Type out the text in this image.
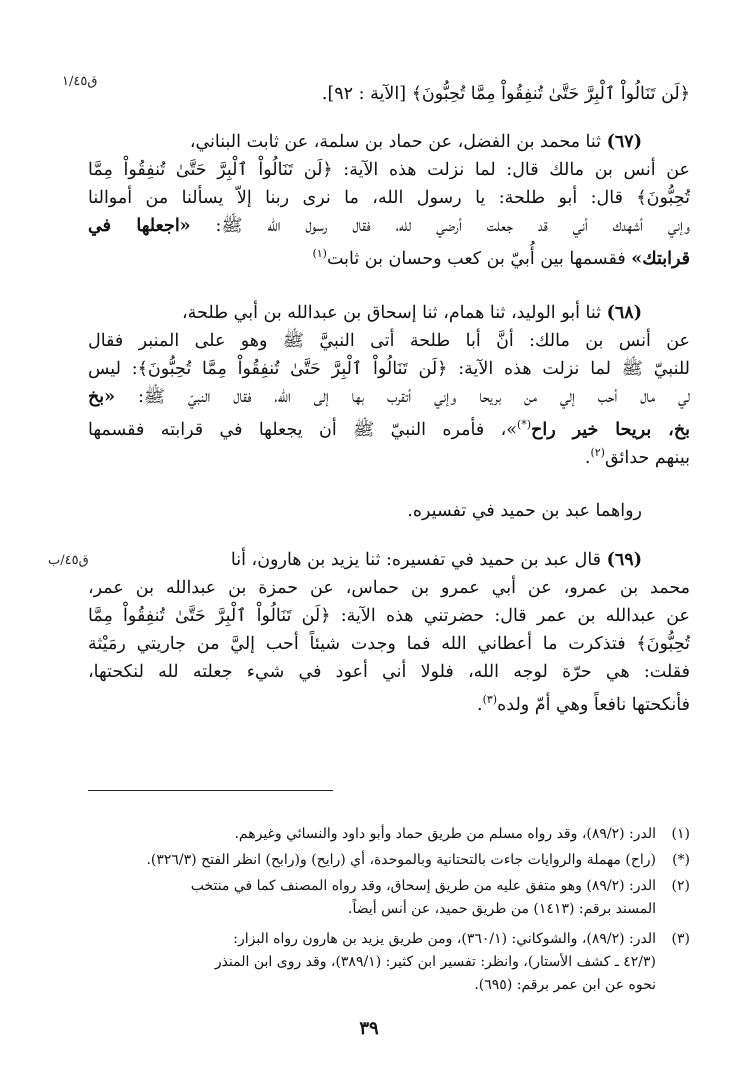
ق١/٤٥
﴿لَن تَنَالُواْ ٱلْبِرَّ حَتَّىٰ تُنفِقُواْ مِمَّا تُحِبُّونَ﴾ [الآية : ٩٢].
(٦٧) ثنا محمد بن الفضل، عن حماد بن سلمة، عن ثابت البناني،
عن أنس بن مالك قال: لما نزلت هذه الآية: ﴿لَن تَنَالُواْ ٱلْبِرَّ حَتَّىٰ تُنفِقُواْ مِمَّا
تُحِبُّونَ﴾ قال: أبو طلحة: يا رسول الله، ما نرى ربنا إلاّ يسألنا من أموالنا
وإني أشهدك أني قد جعلت أرضي لله، فقال رسول الله ﷺ: «اجعلها في
قرابتك» فقسمها بين أُبيّ بن كعب وحسان بن ثابت$^{(١)}$
(٦٨) ثنا أبو الوليد، ثنا همام، ثنا إسحاق بن عبدالله بن أبي طلحة،
عن أنس بن مالك: أنَّ أبا طلحة أتى النبيَّ ﷺ وهو على المنبر فقال
للنبيّ ﷺ لما نزلت هذه الآية: ﴿لَن تَنَالُواْ ٱلْبِرَّ حَتَّىٰ تُنفِقُواْ مِمَّا تُحِبُّونَ﴾: ليس
لي مال أحب إلي من بريحا وإني أتقرب بها إلى الله، فقال النبيّ ﷺ: «بخ
بخ، بريحا خير راح(*)»، فأمره النبيّ ﷺ أن يجعلها في قرابته فقسمها
بينهم حدائق$^{(٢)}$.
رواهما عبد بن حميد في تفسيره.
ق٤٥/ب	(٦٩) قال عبد بن حميد في تفسيره: ثنا يزيد بن هارون، أنا
محمد بن عمرو، عن أبي عمرو بن حماس، عن حمزة بن عبدالله بن عمر،
عن عبدالله بن عمر قال: حضرتني هذه الآية: ﴿لَن تَنَالُواْ ٱلْبِرَّ حَتَّىٰ تُنفِقُواْ مِمَّا
تُحِبُّونَ﴾ فتذكرت ما أعطاني الله فما وجدت شيئاً أحب إليَّ من جاريتي رمَيْثة
فقلت: هي حرّة لوجه الله، فلولا أني أعود في شيء جعلته لله لنكحتها،
فأنكحتها نافعاً وهي أمّ ولده$^{(٣)}$.
(١)الدر: (٨٩/٢)، وقد رواه مسلم من طريق حماد وأبو داود والنسائي وغيرهم.
(*)(راح) مهملة والروايات جاءت بالتحتانية وبالموحدة، أي (رايح) و(رابح) انظر الفتح (٣٢٦/٣).
(٢)الدر: (٨٩/٢) وهو متفق عليه من طريق إسحاق، وقد رواه المصنف كما في منتخب
المسند برقم: (١٤١٣) من طريق حميد، عن أنس أيضاً.
(٣)الدر: (٨٩/٢)، والشوكاني: (٣٦٠/١)، ومن طريق يزيد بن هارون رواه البزار:
(٤٢/٣ ـ كشف الأستار)، وانظر: تفسير ابن كثير: (٣٨٩/١)، وقد روى ابن المنذر
نحوه عن ابن عمر برقم: (٦٩٥).
٣٩
